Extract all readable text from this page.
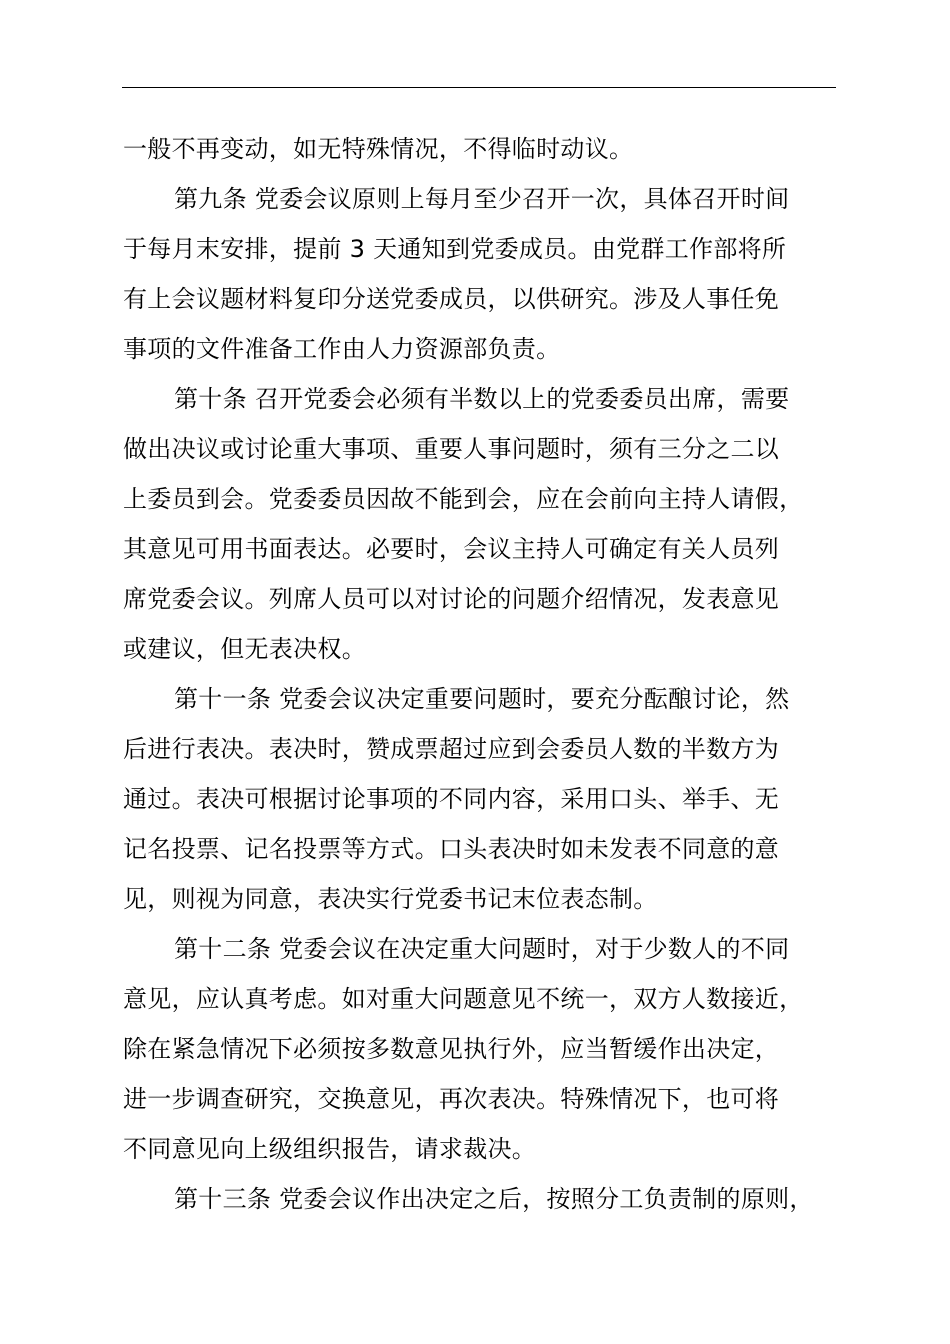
一般不再变动，如无特殊情况，不得临时动议。
第九条 党委会议原则上每月至少召开一次，具体召开时间
于每月末安排，提前 3 天通知到党委成员。由党群工作部将所
有上会议题材料复印分送党委成员，以供研究。涉及人事任免
事项的文件准备工作由人力资源部负责。
第十条 召开党委会必须有半数以上的党委委员出席，需要
做出决议或讨论重大事项、重要人事问题时，须有三分之二以
上委员到会。党委委员因故不能到会，应在会前向主持人请假，
其意见可用书面表达。必要时，会议主持人可确定有关人员列
席党委会议。列席人员可以对讨论的问题介绍情况，发表意见
或建议，但无表决权。
第十一条 党委会议决定重要问题时，要充分酝酿讨论，然
后进行表决。表决时，赞成票超过应到会委员人数的半数方为
通过。表决可根据讨论事项的不同内容，采用口头、举手、无
记名投票、记名投票等方式。口头表决时如未发表不同意的意
见，则视为同意，表决实行党委书记末位表态制。
第十二条 党委会议在决定重大问题时，对于少数人的不同
意见，应认真考虑。如对重大问题意见不统一，双方人数接近，
除在紧急情况下必须按多数意见执行外，应当暂缓作出决定，
进一步调查研究，交换意见，再次表决。特殊情况下，也可将
不同意见向上级组织报告，请求裁决。
第十三条 党委会议作出决定之后，按照分工负责制的原则，
